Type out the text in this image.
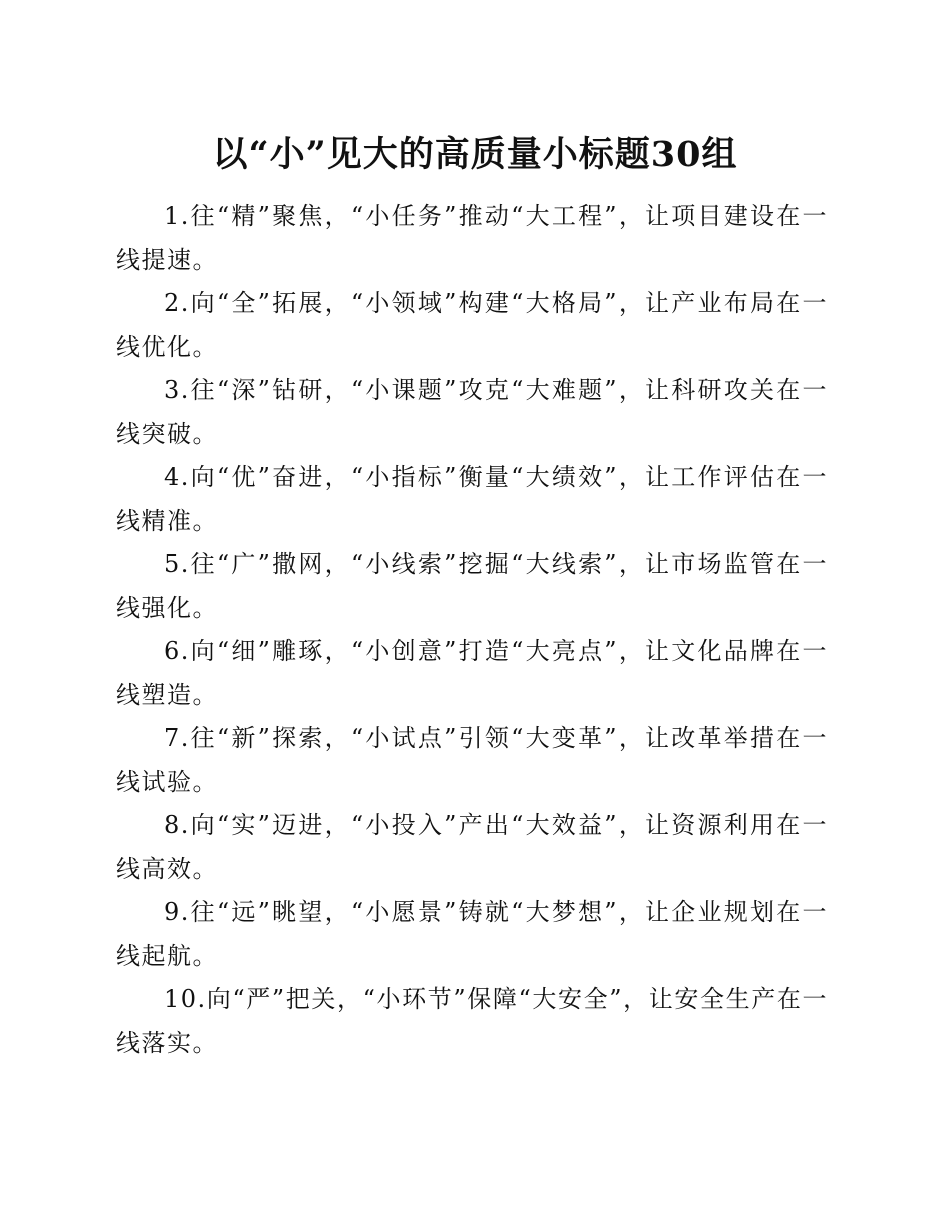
以“小”见大的高质量小标题30组

1.往“精”聚焦，“小任务”推动“大工程”，让项目建设在一线提速。

2.向“全”拓展，“小领域”构建“大格局”，让产业布局在一线优化。

3.往“深”钻研，“小课题”攻克“大难题”，让科研攻关在一线突破。

4.向“优”奋进，“小指标”衡量“大绩效”，让工作评估在一线精准。

5.往“广”撒网，“小线索”挖掘“大线索”，让市场监管在一线强化。

6.向“细”雕琢，“小创意”打造“大亮点”，让文化品牌在一线塑造。

7.往“新”探索，“小试点”引领“大变革”，让改革举措在一线试验。

8.向“实”迈进，“小投入”产出“大效益”，让资源利用在一线高效。

9.往“远”眺望，“小愿景”铸就“大梦想”，让企业规划在一线起航。

10.向“严”把关，“小环节”保障“大安全”，让安全生产在一线落实。
